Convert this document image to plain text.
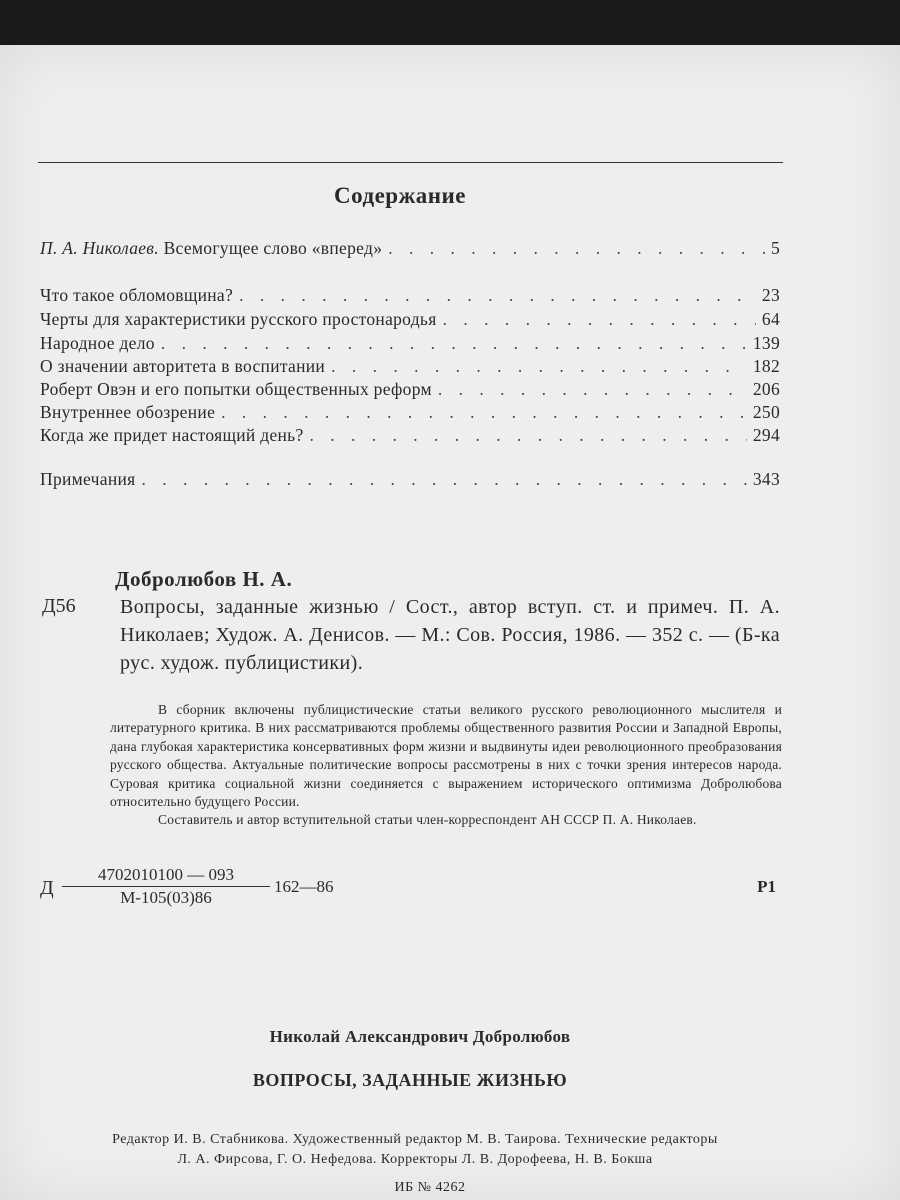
Содержание
П. А. Николаев. Всемогущее слово «вперед» . . .	5
Что такое обломовщина? . . .	23
Черты для характеристики русского простонародья . . .	64
Народное дело . . .	139
О значении авторитета в воспитании . . .	182
Роберт Овэн и его попытки общественных реформ . . .	206
Внутреннее обозрение . . .	250
Когда же придет настоящий день? . . .	294
Примечания . . .	343
Добролюбов Н. А.
Д56 Вопросы, заданные жизнью / Сост., автор вступ. ст. и примеч. П. А. Николаев; Худож. А. Денисов. — М.: Сов. Россия, 1986. — 352 с. — (Б-ка рус. худож. публицистики).

В сборник включены публицистические статьи великого русского революционного мыслителя и литературного критика. В них рассматриваются проблемы общественного развития России и Западной Европы, дана глубокая характеристика консервативных форм жизни и выдвинуты идеи революционного преобразования русского общества. Актуальные политические вопросы рассмотрены в них с точки зрения интересов народа. Суровая критика социальной жизни соединяется с выражением исторического оптимизма Добролюбова относительно будущего России.

Составитель и автор вступительной статьи член-корреспондент АН СССР П. А. Николаев.

Д
4702010100 — 093
М-105(03)86
162—86	Р1
Николай Александрович Добролюбов
ВОПРОСЫ, ЗАДАННЫЕ ЖИЗНЬЮ
Редактор И. В. Стабникова. Художественный редактор М. В. Таирова. Технические редакторы
Л. А. Фирсова, Г. О. Нефедова. Корректоры Л. В. Дорофеева, Н. В. Бокша
ИБ № 4262
